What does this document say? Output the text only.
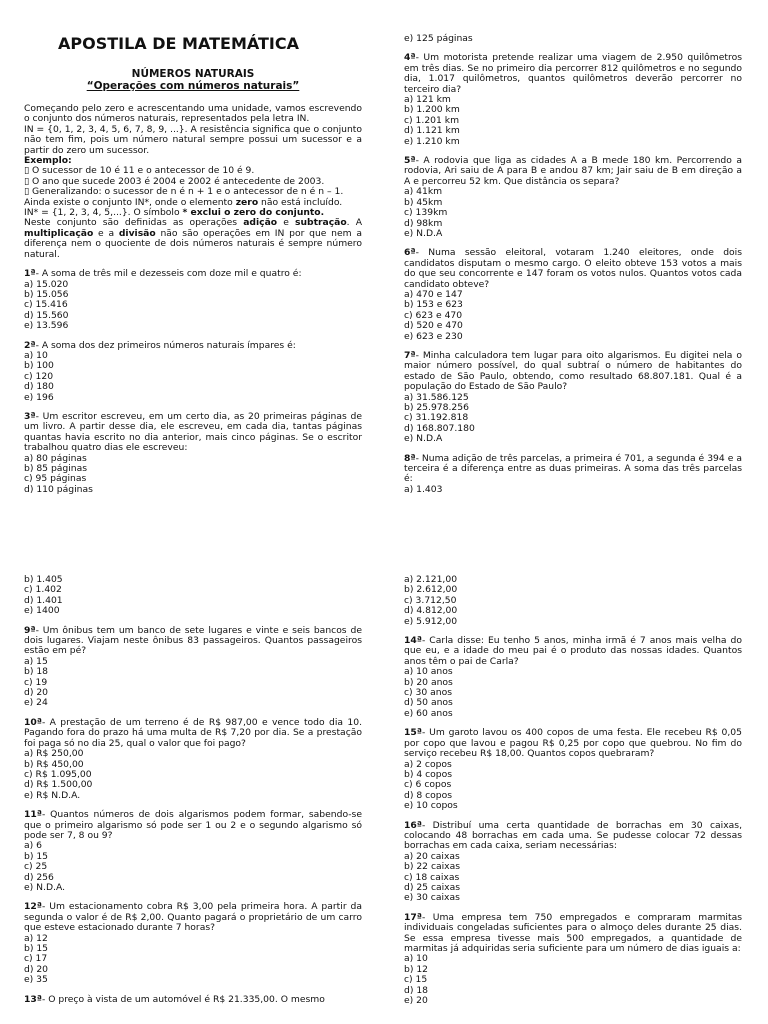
APOSTILA DE MATEMÁTICA
NÚMEROS NATURAIS
“Operações com números naturais”
Começando pelo zero e acrescentando uma unidade, vamos escrevendo o conjunto dos números naturais, representados pela letra IN.
IN = {0, 1, 2, 3, 4, 5, 6, 7, 8, 9, ...}. A resistência significa que o conjunto não tem fim, pois um número natural sempre possui um sucessor e a partir do zero um sucessor.
Exemplo:
▯ O sucessor de 10 é 11 e o antecessor de 10 é 9.
▯ O ano que sucede 2003 é 2004 e 2002 é antecedente de 2003.
▯ Generalizando: o sucessor de n é n + 1 e o antecessor de n é n – 1.
Ainda existe o conjunto IN*, onde o elemento zero não está incluído.
IN* = {1, 2, 3, 4, 5,...}. O símbolo * exclui o zero do conjunto.
Neste conjunto são definidas as operações adição e subtração. A multiplicação e a divisão não são operações em IN por que nem a diferença nem o quociente de dois números naturais é sempre número natural.
1ª- A soma de três mil e dezesseis com doze mil e quatro é:
a) 15.020
b) 15.056
c) 15.416
d) 15.560
e) 13.596
2ª- A soma dos dez primeiros números naturais ímpares é:
a) 10
b) 100
c) 120
d) 180
e) 196
3ª- Um escritor escreveu, em um certo dia, as 20 primeiras páginas de um livro. A partir desse dia, ele escreveu, em cada dia, tantas páginas quantas havia escrito no dia anterior, mais cinco páginas. Se o escritor trabalhou quatro dias ele escreveu:
a) 80 páginas
b) 85 páginas
c) 95 páginas
d) 110 páginas
e) 125 páginas
4ª- Um motorista pretende realizar uma viagem de 2.950 quilômetros em três dias. Se no primeiro dia percorrer 812 quilômetros e no segundo dia, 1.017 quilômetros, quantos quilômetros deverão percorrer no terceiro dia?
a) 121 km
b) 1.200 km
c) 1.201 km
d) 1.121 km
e) 1.210 km
5ª- A rodovia que liga as cidades A a B mede 180 km. Percorrendo a rodovia, Ari saiu de A para B e andou 87 km; Jair saiu de B em direção a A e percorreu 52 km. Que distância os separa?
a) 41km
b) 45km
c) 139km
d) 98km
e) N.D.A
6ª- Numa sessão eleitoral, votaram 1.240 eleitores, onde dois candidatos disputam o mesmo cargo. O eleito obteve 153 votos a mais do que seu concorrente e 147 foram os votos nulos. Quantos votos cada candidato obteve?
a) 470 e 147
b) 153 e 623
c) 623 e 470
d) 520 e 470
e) 623 e 230
7ª- Minha calculadora tem lugar para oito algarismos. Eu digitei nela o maior número possível, do qual subtraí o número de habitantes do estado de São Paulo, obtendo, como resultado 68.807.181. Qual é a população do Estado de São Paulo?
a) 31.586.125
b) 25.978.256
c) 31.192.818
d) 168.807.180
e) N.D.A
8ª- Numa adição de três parcelas, a primeira é 701, a segunda é 394 e a terceira é a diferença entre as duas primeiras. A soma das três parcelas é:
a) 1.403
b) 1.405
c) 1.402
d) 1.401
e) 1400
9ª- Um ônibus tem um banco de sete lugares e vinte e seis bancos de dois lugares. Viajam neste ônibus 83 passageiros. Quantos passageiros estão em pé?
a) 15
b) 18
c) 19
d) 20
e) 24
10ª- A prestação de um terreno é de R$ 987,00 e vence todo dia 10. Pagando fora do prazo há uma multa de R$ 7,20 por dia. Se a prestação foi paga só no dia 25, qual o valor que foi pago?
a) R$ 250,00
b) R$ 450,00
c) R$ 1.095,00
d) R$ 1.500,00
e) R$ N.D.A.
11ª- Quantos números de dois algarismos podem formar, sabendo-se que o primeiro algarismo só pode ser 1 ou 2 e o segundo algarismo só pode ser 7, 8 ou 9?
a) 6
b) 15
c) 25
d) 256
e) N.D.A.
12ª- Um estacionamento cobra R$ 3,00 pela primeira hora. A partir da segunda o valor é de R$ 2,00. Quanto pagará o proprietário de um carro que esteve estacionado durante 7 horas?
a) 12
b) 15
c) 17
d) 20
e) 35
13ª- O preço à vista de um automóvel é R$ 21.335,00. O mesmo
a) 2.121,00
b) 2.612,00
c) 3.712,50
d) 4.812,00
e) 5.912,00
14ª- Carla disse: Eu tenho 5 anos, minha irmã é 7 anos mais velha do que eu, e a idade do meu pai é o produto das nossas idades. Quantos anos têm o pai de Carla?
a) 10 anos
b) 20 anos
c) 30 anos
d) 50 anos
e) 60 anos
15ª- Um garoto lavou os 400 copos de uma festa. Ele recebeu R$ 0,05 por copo que lavou e pagou R$ 0,25 por copo que quebrou. No fim do serviço recebeu R$ 18,00. Quantos copos quebraram?
a) 2 copos
b) 4 copos
c) 6 copos
d) 8 copos
e) 10 copos
16ª- Distribuí uma certa quantidade de borrachas em 30 caixas, colocando 48 borrachas em cada uma. Se pudesse colocar 72 dessas borrachas em cada caixa, seriam necessárias:
a) 20 caixas
b) 22 caixas
c) 18 caixas
d) 25 caixas
e) 30 caixas
17ª- Uma empresa tem 750 empregados e compraram marmitas individuais congeladas suficientes para o almoço deles durante 25 dias. Se essa empresa tivesse mais 500 empregados, a quantidade de marmitas já adquiridas seria suficiente para um número de dias iguais a:
a) 10
b) 12
c) 15
d) 18
e) 20
